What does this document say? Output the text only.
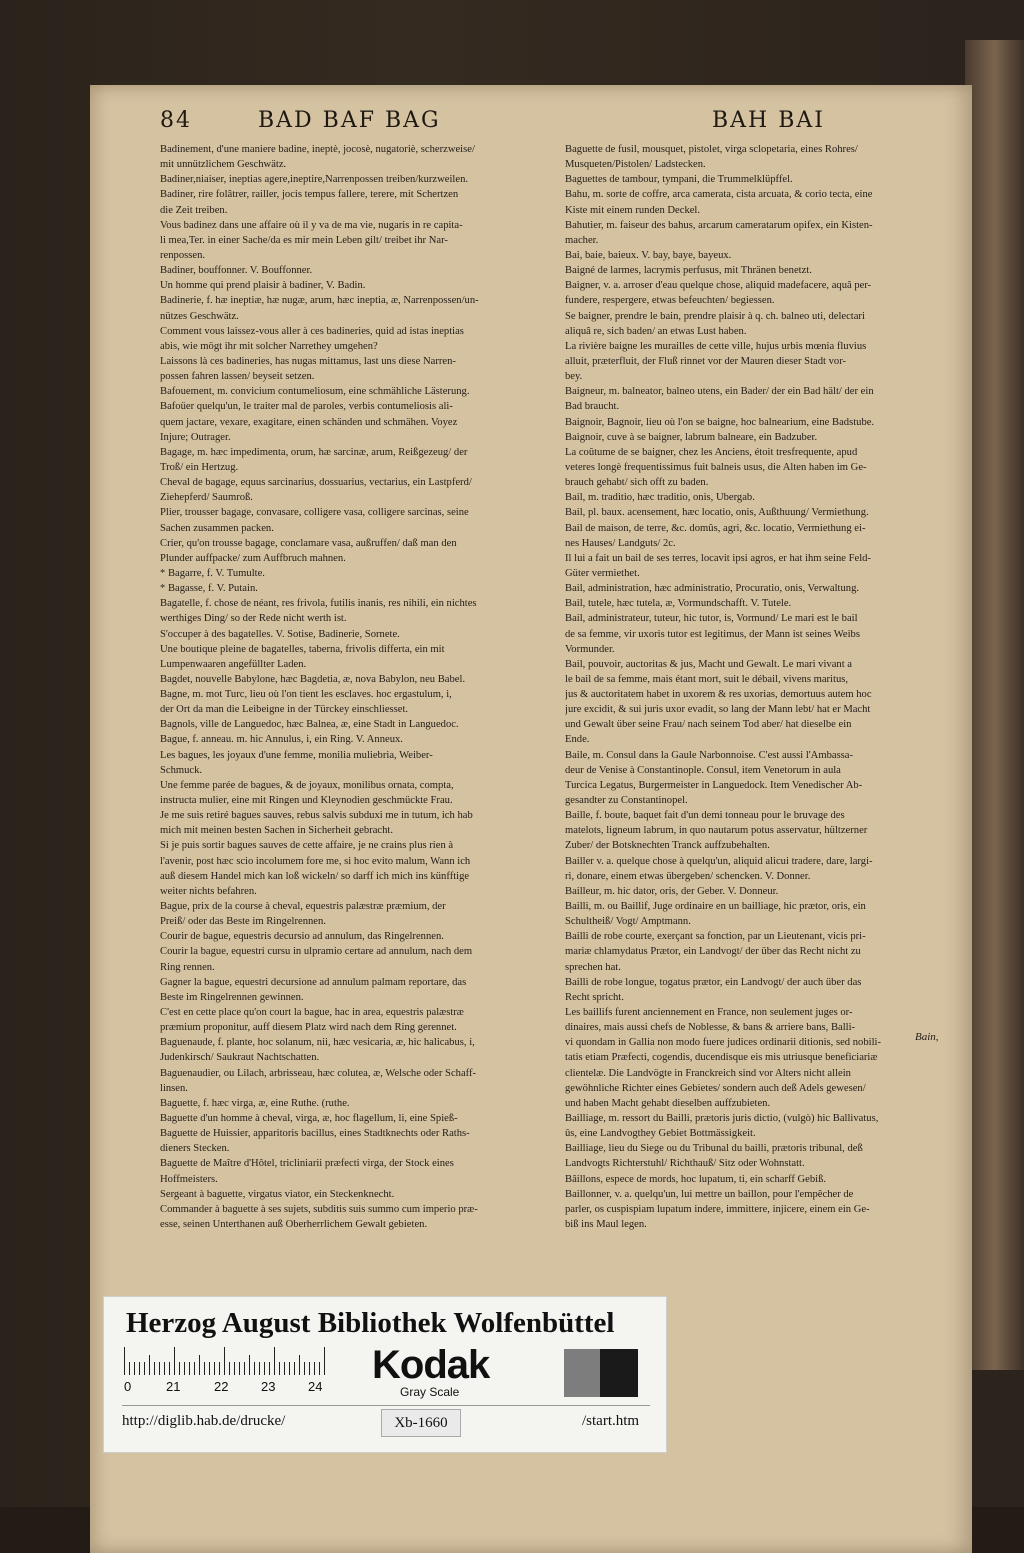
84	BAD BAF BAG	BAH BAI
Badinement, d'une maniere badine, ineptè, jocosè, nugatoriè, scherzweise/
mit unnützlichem Geschwätz.
Badiner,niaiser, ineptias agere,ineptire,Narrenpossen treiben/kurzweilen.
Badiner, rire folâtrer, railler, jocis tempus fallere, terere, mit Schertzen
die Zeit treiben.
Vous badinez dans une affaire où il y va de ma vie, nugaris in re capita-
li mea,Ter. in einer Sache/da es mir mein Leben gilt/ treibet ihr Nar-
renpossen.
Badiner, bouffonner. V. Bouffonner.
Un homme qui prend plaisir à badiner, V. Badin.
Badinerie, f. hæ ineptiæ, hæ nugæ, arum, hæc ineptia, æ, Narrenpossen/un-
nützes Geschwätz.
Comment vous laissez-vous aller à ces badineries, quid ad istas ineptias
abis, wie mögt ihr mit solcher Narrethey umgehen?
Laissons là ces badineries, has nugas mittamus, last uns diese Narren-
possen fahren lassen/ beyseit setzen.
Bafouement, m. convicium contumeliosum, eine schmähliche Lästerung.
Bafoüer quelqu'un, le traiter mal de paroles, verbis contumeliosis ali-
quem jactare, vexare, exagitare, einen schänden und schmähen. Voyez
Injure; Outrager.
Bagage, m. hæc impedimenta, orum, hæ sarcinæ, arum, Reißgezeug/ der
Troß/ ein Hertzug.
Cheval de bagage, equus sarcinarius, dossuarius, vectarius, ein Lastpferd/
Ziehepferd/ Saumroß.
Plier, trousser bagage, convasare, colligere vasa, colligere sarcinas, seine
Sachen zusammen packen.
Crier, qu'on trousse bagage, conclamare vasa, außruffen/ daß man den
Plunder auffpacke/ zum Auffbruch mahnen.
* Bagarre, f. V. Tumulte.
* Bagasse, f. V. Putain.
Bagatelle, f. chose de néant, res frivola, futilis inanis, res nihili, ein nichtes
werthiges Ding/ so der Rede nicht werth ist.
S'occuper à des bagatelles. V. Sotise, Badinerie, Sornete.
Une boutique pleine de bagatelles, taberna, frivolis differta, ein mit
Lumpenwaaren angefüllter Laden.
Bagdet, nouvelle Babylone, hæc Bagdetia, æ, nova Babylon, neu Babel.
Bagne, m. mot Turc, lieu où l'on tient les esclaves. hoc ergastulum, i,
der Ort da man die Leibeigne in der Türckey einschliesset.
Bagnols, ville de Languedoc, hæc Balnea, æ, eine Stadt in Languedoc.
Bague, f. anneau. m. hic Annulus, i, ein Ring. V. Anneux.
Les bagues, les joyaux d'une femme, monilia muliebria, Weiber-
Schmuck.
Une femme parée de bagues, & de joyaux, monilibus ornata, compta,
instructa mulier, eine mit Ringen und Kleynodien geschmückte Frau.
Je me suis retiré bagues sauves, rebus salvis subduxi me in tutum, ich hab
mich mit meinen besten Sachen in Sicherheit gebracht.
Si je puis sortir bagues sauves de cette affaire, je ne crains plus rien à
l'avenir, post hæc scio incolumem fore me, si hoc evito malum, Wann ich
auß diesem Handel mich kan loß wickeln/ so darff ich mich ins künfftige
weiter nichts befahren.
Bague, prix de la course à cheval, equestris palæstræ præmium, der
Preiß/ oder das Beste im Ringelrennen.
Courir de bague, equestris decursio ad annulum, das Ringelrennen.
Courir la bague, equestri cursu in ulpramio certare ad annulum, nach dem
Ring rennen.
Gagner la bague, equestri decursione ad annulum palmam reportare, das
Beste im Ringelrennen gewinnen.
C'est en cette place qu'on court la bague, hac in area, equestris palæstræ
præmium proponitur, auff diesem Platz wird nach dem Ring gerennet.
Baguenaude, f. plante, hoc solanum, nii, hæc vesicaria, æ, hic halicabus, i,
Judenkirsch/ Saukraut Nachtschatten.
Baguenaudier, ou Lilach, arbrisseau, hæc colutea, æ, Welsche oder Schaff-
linsen.
Baguette, f. hæc virga, æ, eine Ruthe. (ruthe.
Baguette d'un homme à cheval, virga, æ, hoc flagellum, li, eine Spieß-
Baguette de Huissier, apparitoris bacillus, eines Stadtknechts oder Raths-
dieners Stecken.
Baguette de Maître d'Hôtel, tricliniarii præfecti virga, der Stock eines
Hoffmeisters.
Sergeant à baguette, virgatus viator, ein Steckenknecht.
Commander à baguette à ses sujets, subditis suis summo cum imperio præ-
esse, seinen Unterthanen auß Oberherrlichem Gewalt gebieten.
Baguette de fusil, mousquet, pistolet, virga sclopetaria, eines Rohres/
Musqueten/Pistolen/ Ladstecken.
Baguettes de tambour, tympani, die Trummelklüpffel.
Bahu, m. sorte de coffre, arca camerata, cista arcuata, & corio tecta, eine
Kiste mit einem runden Deckel.
Bahutier, m. faiseur des bahus, arcarum cameratarum opifex, ein Kisten-
macher.
Bai, baie, baieux. V. bay, baye, bayeux.
Baigné de larmes, lacrymis perfusus, mit Thränen benetzt.
Baigner, v. a. arroser d'eau quelque chose, aliquid madefacere, aquâ per-
fundere, respergere, etwas befeuchten/ begiessen.
Se baigner, prendre le bain, prendre plaisir à q. ch. balneo uti, delectari
aliquâ re, sich baden/ an etwas Lust haben.
La rivière baigne les murailles de cette ville, hujus urbis mœnia fluvius
alluit, præterfluit, der Fluß rinnet vor der Mauren dieser Stadt vor-
bey.
Baigneur, m. balneator, balneo utens, ein Bader/ der ein Bad hält/ der ein
Bad braucht.
Baignoir, Bagnoir, lieu où l'on se baigne, hoc balnearium, eine Badstube.
Baignoir, cuve à se baigner, labrum balneare, ein Badzuber.
La coûtume de se baigner, chez les Anciens, étoit tresfrequente, apud
veteres longè frequentissimus fuit balneis usus, die Alten haben im Ge-
brauch gehabt/ sich offt zu baden.
Bail, m. traditio, hæc traditio, onis, Ubergab.
Bail, pl. baux. acensement, hæc locatio, onis, Außthuung/ Vermiethung.
Bail de maison, de terre, &c. domûs, agri, &c. locatio, Vermiethung ei-
nes Hauses/ Landguts/ 2c.
Il lui a fait un bail de ses terres, locavit ipsi agros, er hat ihm seine Feld-
Güter vermiethet.
Bail, administration, hæc administratio, Procuratio, onis, Verwaltung.
Bail, tutele, hæc tutela, æ, Vormundschafft. V. Tutele.
Bail, administrateur, tuteur, hic tutor, is, Vormund/ Le mari est le bail
de sa femme, vir uxoris tutor est legitimus, der Mann ist seines Weibs
Vormunder.
Bail, pouvoir, auctoritas & jus, Macht und Gewalt. Le mari vivant a
le bail de sa femme, mais étant mort, suit le débail, vivens maritus,
jus & auctoritatem habet in uxorem & res uxorias, demortuus autem hoc
jure excidit, & sui juris uxor evadit, so lang der Mann lebt/ hat er Macht
und Gewalt über seine Frau/ nach seinem Tod aber/ hat dieselbe ein
Ende.
Baile, m. Consul dans la Gaule Narbonnoise. C'est aussi l'Ambassa-
deur de Venise à Constantinople. Consul, item Venetorum in aula
Turcica Legatus, Burgermeister in Languedock. Item Venedischer Ab-
gesandter zu Constantinopel.
Baille, f. boute, baquet fait d'un demi tonneau pour le bruvage des
matelots, ligneum labrum, in quo nautarum potus asservatur, hültzerner
Zuber/ der Botsknechten Tranck auffzubehalten.
Bailler v. a. quelque chose à quelqu'un, aliquid alicui tradere, dare, largi-
ri, donare, einem etwas übergeben/ schencken. V. Donner.
Bailleur, m. hic dator, oris, der Geber. V. Donneur.
Bailli, m. ou Baillif, Juge ordinaire en un bailliage, hic prætor, oris, ein
Schultheiß/ Vogt/ Amptmann.
Bailli de robe courte, exerçant sa fonction, par un Lieutenant, vicis pri-
mariæ chlamydatus Prætor, ein Landvogt/ der über das Recht nicht zu
sprechen hat.
Bailli de robe longue, togatus prætor, ein Landvogt/ der auch über das
Recht spricht.
Les baillifs furent anciennement en France, non seulement juges or-
dinaires, mais aussi chefs de Noblesse, & bans & arriere bans, Balli-
vi quondam in Gallia non modo fuere judices ordinarii ditionis, sed nobili-
tatis etiam Præfecti, cogendis, ducendisque eis mis utriusque beneficiariæ
clientelæ. Die Landvögte in Franckreich sind vor Alters nicht allein
gewöhnliche Richter eines Gebietes/ sondern auch deß Adels gewesen/
und haben Macht gehabt dieselben auffzubieten.
Bailliage, m. ressort du Bailli, prætoris juris dictio, (vulgò) hic Ballivatus,
ûs, eine Landvogthey Gebiet Bottmässigkeit.
Bailliage, lieu du Siege ou du Tribunal du bailli, prætoris tribunal, deß
Landvogts Richterstuhl/ Richthauß/ Sitz oder Wohnstatt.
Bâillons, espece de mords, hoc lupatum, ti, ein scharff Gebiß.
Baillonner, v. a. quelqu'un, lui mettre un baillon, pour l'empêcher de
parler, os cuspispiam lupatum indere, immittere, injicere, einem ein Ge-
biß ins Maul legen.
Bain,
Herzog August Bibliothek Wolfenbüttel
0	21	22	23	24 Kodak
Gray Scale
http://diglib.hab.de/drucke/	Xb-1660	/start.htm
